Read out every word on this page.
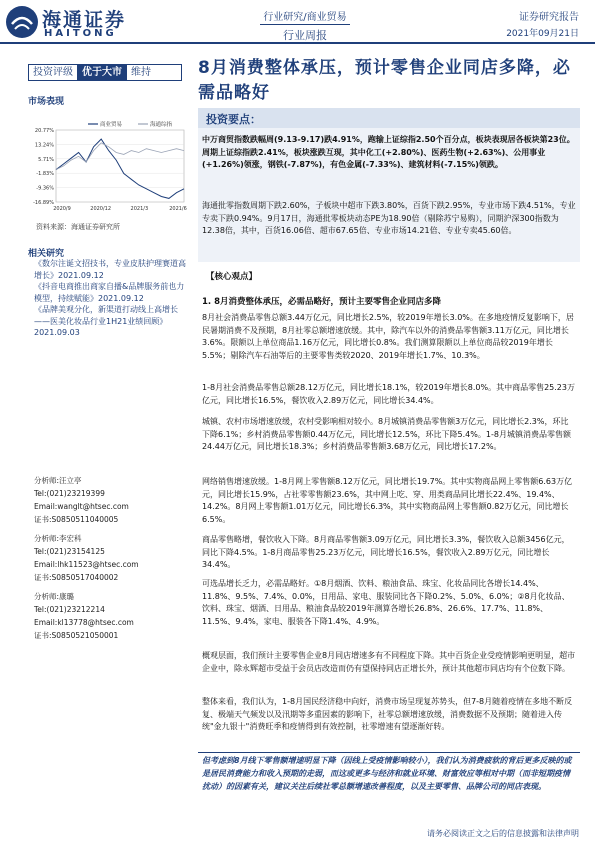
海通证券
HAITONG
行业研究/商业贸易
行业周报
证券研究报告
2021年09月21日
投资评级 优于大市 维持
市场表现
20.77%
13.24%
5.71%
-1.83%
-9.36%
-16.89%
2020/9	2020/12	2021/3	2021/6
商业贸易	海通综指
资料来源：海通证券研究所
相关研究
《数尔注诞文招技书，专业皮肤护理赛道高增长》2021.09.12
《抖音电商推出商家自播&品牌服务前也力模型，持续赋能》2021.09.12
《品牌美观分化，新渠道打动线上高增长——医美化妆品行业1H21业绩回顾》2021.09.03
分析师:汪立亭
Tel:(021)23219399
Email:wanglt@htsec.com
证书:S0850511040005
分析师:李宏科
Tel:(021)23154125
Email:lhk11523@htsec.com
证书:S0850517040002
分析师:康璐
Tel:(021)23212214
Email:kl13778@htsec.com
证书:S0850521050001
8月消费整体承压，预计零售企业同店多降，必需品略好
投资要点：
中万商贸指数跌幅周(9.13-9.17)跌4.91%，跑输上证综指2.50个百分点，板块表现居各板块第23位。周期上证综指跌2.41%，板块涨跌互现，其中化工(+2.80%)、医药生物(+2.63%)、公用事业(+1.26%)领涨，钢铁(-7.87%)，有色金属(-7.33%)、建筑材料(-7.15%)领跌。
海通批零指数周期下跌2.60%，子板块中超市下跌3.80%，百货下跌2.95%，专业市场下跌4.51%，专业专卖下跌0.94%。9月17日，海通批零板块动态PE为18.90倍（剔除苏宁易购），同期沪深300指数为12.38倍，其中，百货16.06倍、超市67.65倍、专业市场14.21倍、专业专卖45.60倍。
【核心观点】
1. 8月消费整体承压，必需品略好，预计主要零售企业同店多降
8月社会消费品零售总额3.44万亿元，同比增长2.5%，较2019年增长3.0%。在多地疫情反复影响下，居民暑期消费不及预期，8月社零总额增速放缓。其中，除汽车以外的消费品零售额3.11万亿元，同比增长3.6%。限额以上单位商品1.16万亿元，同比增长0.8%。我们测算限额以上单位商品较2019年增长5.5%；剔除汽车石油等后的主要零售类较2020、2019年增长1.7%、10.3%。
1-8月社会消费品零售总额28.12万亿元，同比增长18.1%，较2019年增长8.0%。其中商品零售25.23万亿元，同比增长16.5%，餐饮收入2.89万亿元，同比增长34.4%。
城镇、农村市场增速放缓，农村受影响相对较小。8月城镇消费品零售额3万亿元，同比增长2.3%，环比下降6.1%；乡村消费品零售额0.44万亿元，同比增长12.5%，环比下降5.4%。1-8月城镇消费品零售额24.44万亿元，同比增长18.3%；乡村消费品零售额3.68万亿元，同比增长17.2%。
网络销售增速放缓。1-8月网上零售额8.12万亿元，同比增长19.7%。其中实物商品网上零售额6.63万亿元，同比增长15.9%，占社零零售额23.6%，其中网上吃、穿、用类商品同比增长22.4%、19.4%、14.2%。8月网上零售额1.01万亿元，同比增长6.3%，其中实物商品网上零售额0.82万亿元，同比增长6.5%。
商品零售略增，餐饮收入下降。8月商品零售额3.09万亿元，同比增长3.3%，餐饮收入总额3456亿元，同比下降4.5%。1-8月商品零售25.23万亿元，同比增长16.5%，餐饮收入2.89万亿元，同比增长34.4%。
可选品增长乏力，必需品略好。①8月烟酒、饮料、粮油食品、珠宝、化妆品同比各增长14.4%、11.8%、9.5%、7.4%、0.0%，日用品、家电、服装同比各下降0.2%、5.0%、6.0%；②8月化妆品、饮料、珠宝、烟酒、日用品、粮油食品较2019年测算各增长26.8%、26.6%、17.7%、11.8%、11.5%、9.4%，家电、服装各下降1.4%、4.9%。
概观层面，我们预计主要零售企业8月同店增速多有不同程度下降。其中百货企业受疫情影响更明显，超市企业中，除永辉超市受益于会员店改造而仍有望保持同店正增长外，预计其他超市同店均有个位数下降。
整体来看，我们认为，1-8月国民经济稳中向好，消费市场呈现复苏势头，但7-8月随着疫情在多地不断反复、极端天气频发以及汛期等多重因素的影响下，社零总额增速放缓，消费数据不及预期；随着进入传统"金九银十"消费旺季和疫情得到有效控制，社零增速有望逐渐好转。
但考虑到8月线下零售额增速明显下降（因线上受疫情影响较小），我们认为消费疲软的背后更多反映的或是居民消费能力和收入预期的走弱，而这或更多与经济和就业环境、财富效应等相对中期（而非短期疫情扰动）的因素有关，建议关注后续社零总额增速改善程度，以及主要零售、品牌公司的同店表现。
请务必阅读正文之后的信息披露和法律声明
